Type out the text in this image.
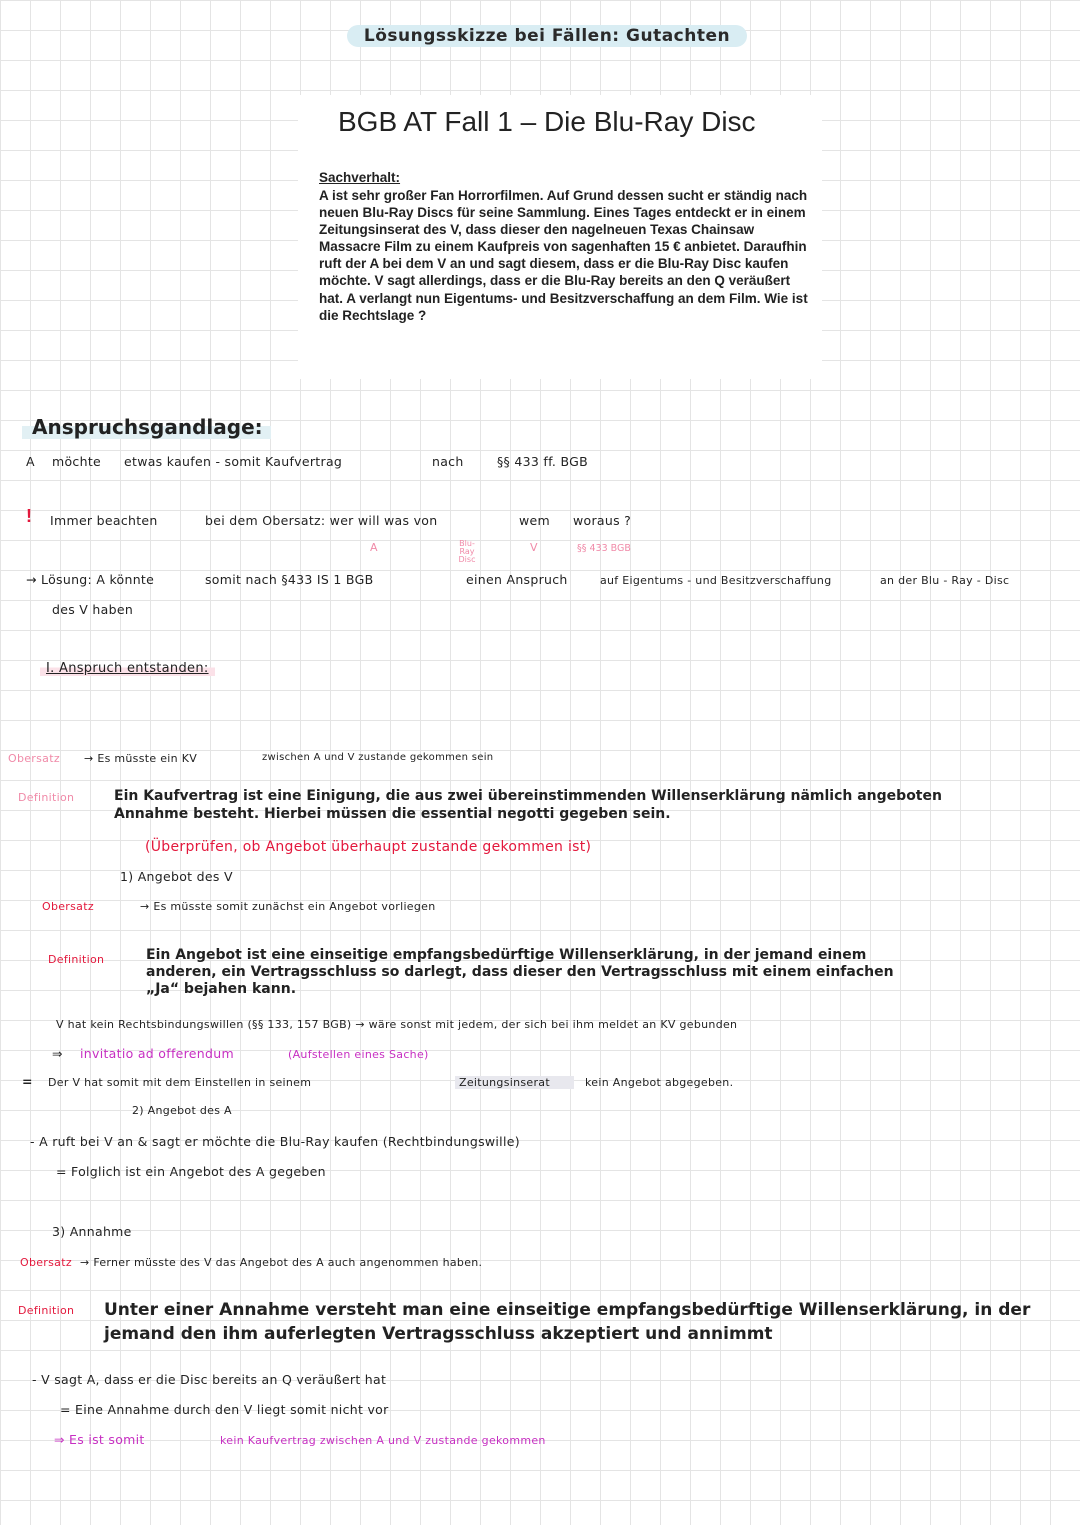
Lösungsskizze bei Fällen: Gutachten
BGB AT Fall 1 – Die Blu-Ray Disc
Sachverhalt:
A ist sehr großer Fan Horrorfilmen. Auf Grund dessen sucht er ständig nach neuen Blu-Ray Discs für seine Sammlung. Eines Tages entdeckt er in einem Zeitungsinserat des V, dass dieser den nagelneuen Texas Chainsaw Massacre Film zu einem Kaufpreis von sagenhaften 15 € anbietet. Daraufhin ruft der A bei dem V an und sagt diesem, dass er die Blu-Ray Disc kaufen möchte. V sagt allerdings, dass er die Blu-Ray bereits an den Q veräußert hat. A verlangt nun Eigentums- und Besitzverschaffung an dem Film. Wie ist die Rechtslage ?
Anspruchsgandlage:
A möchte etwas kaufen - somit Kaufvertrag	nach	§§ 433 ff. BGB
! Immer beachten	bei dem Obersatz: wer will was von	wem woraus ?
A	Blu-Ray Disc
V	§§ 433 BGB
→ Lösung: A könnte	somit nach §433 IS 1 BGB	einen Anspruch	auf Eigentums - und Besitzverschaffung	an der Blu - Ray - Disc
des V haben
I. Anspruch entstanden:
Obersatz → Es müsste ein KV	zwischen A und V zustande gekommen sein
Definition	Ein Kaufvertrag ist eine Einigung, die aus zwei übereinstimmenden Willenserklärung nämlich angeboten Annahme besteht. Hierbei müssen die essential negotti gegeben sein.
(Überprüfen, ob Angebot überhaupt zustande gekommen ist)
1) Angebot des V
Obersatz	→ Es müsste somit zunächst ein Angebot vorliegen
Definition	Ein Angebot ist eine einseitige empfangsbedürftige Willenserklärung, in der jemand einem anderen, ein Vertragsschluss so darlegt, dass dieser den Vertragsschluss mit einem einfachen „Ja“ bejahen kann.
V hat kein Rechtsbindungswillen (§§ 133, 157 BGB) → wäre sonst mit jedem, der sich bei ihm meldet an KV gebunden
⇒ invitatio ad offerendum	(Aufstellen eines Sache)
= Der V hat somit mit dem Einstellen in seinem	Zeitungsinserat	kein Angebot abgegeben.
2) Angebot des A
- A ruft bei V an & sagt er möchte die Blu-Ray kaufen (Rechtbindungswille)
= Folglich ist ein Angebot des A gegeben
3) Annahme
Obersatz → Ferner müsste des V das Angebot des A auch angenommen haben.
Definition Unter einer Annahme versteht man eine einseitige empfangsbedürftige Willenserklärung, in der jemand den ihm auferlegten Vertragsschluss akzeptiert und annimmt
- V sagt A, dass er die Disc bereits an Q veräußert hat
= Eine Annahme durch den V liegt somit nicht vor
⇒ Es ist somit	kein Kaufvertrag zwischen A und V zustande gekommen
